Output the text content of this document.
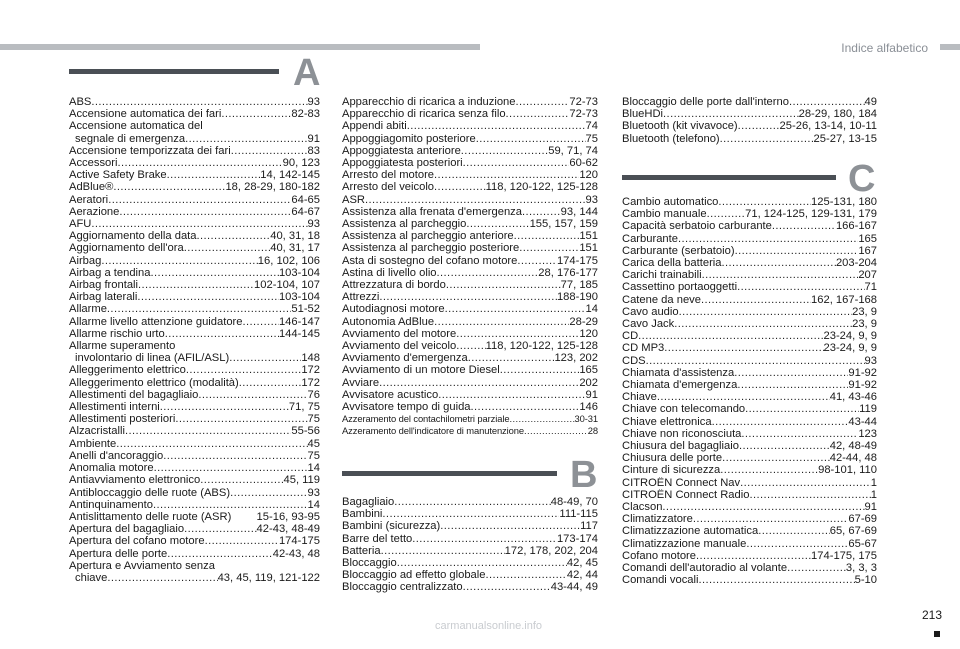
Indice alfabetico
A
B
C
ABS .....	93
Accensione automatica dei fari .....	82-83
Accensione automatica del
segnale di emergenza .....	91
Accensione temporizzata dei fari .....	83
Accessori .....	90, 123
Active Safety Brake .....	14, 142-145
AdBlue® .....	18, 28-29, 180-182
Aeratori .....	64-65
Aerazione .....	64-67
AFU .....	93
Aggiornamento della data .....	40, 31, 18
Aggiornamento dell'ora .....	40, 31, 17
Airbag .....	16, 102, 106
Airbag a tendina .....	103-104
Airbag frontali .....	102-104, 107
Airbag laterali .....	103-104
Allarme .....	51-52
Allarme livello attenzione guidatore .....	146-147
Allarme rischio urto .....	144-145
Allarme superamento
involontario di linea (AFIL/ASL) .....	148
Alleggerimento elettrico .....	172
Alleggerimento elettrico (modalità) .....	172
Allestimenti del bagagliaio .....	76
Allestimenti interni .....	71, 75
Allestimenti posteriori .....	75
Alzacristalli .....	55-56
Ambiente .....	45
Anelli d'ancoraggio .....	75
Anomalia motore .....	14
Antiavviamento elettronico .....	45, 119
Antibloccaggio delle ruote (ABS) .....	93
Antinquinamento .....	14
Antislittamento delle ruote (ASR) 15-16, 93-95
Apertura del bagagliaio .....	42-43, 48-49
Apertura del cofano motore .....	174-175
Apertura delle porte .....	42-43, 48
Apertura e Avviamento senza
chiave .....	43, 45, 119, 121-122
Apparecchio di ricarica a induzione .....	72-73
Apparecchio di ricarica senza filo .....	72-73
Appendi abiti .....	74
Appoggiagomito posteriore .....	75
Appoggiatesta anteriore .....	59, 71, 74
Appoggiatesta posteriori .....	60-62
Arresto del motore .....	120
Arresto del veicolo .....	118, 120-122, 125-128
ASR .....	93
Assistenza alla frenata d'emergenza .....	93, 144
Assistenza al parcheggio .....	155, 157, 159
Assistenza al parcheggio anteriore .....	151
Assistenza al parcheggio posteriore .....	151
Asta di sostegno del cofano motore .....	174-175
Astina di livello olio .....	28, 176-177
Attrezzatura di bordo .....	77, 185
Attrezzi .....	188-190
Autodiagnosi motore .....	14
Autonomia AdBlue .....	28-29
Avviamento del motore .....	120
Avviamento del veicolo .....	118, 120-122, 125-128
Avviamento d'emergenza .....	123, 202
Avviamento di un motore Diesel .....	165
Avviare .....	202
Avvisatore acustico .....	91
Avvisatore tempo di guida .....	146
Azzeramento del contachilometri parziale .....	30-31
Azzeramento dell'indicatore di manutenzione .....	28
Bagagliaio .....	48-49, 70
Bambini .....	111-115
Bambini (sicurezza) .....	117
Barre del tetto .....	173-174
Batteria .....	172, 178, 202, 204
Bloccaggio .....	42, 45
Bloccaggio ad effetto globale .....	42, 44
Bloccaggio centralizzato .....	43-44, 49
Bloccaggio delle porte dall'interno .....	49
BlueHDi .....	28-29, 180, 184
Bluetooth (kit vivavoce) .....	25-26, 13-14, 10-11
Bluetooth (telefono) .....	25-27, 13-15
Cambio automatico .....	125-131, 180
Cambio manuale .....	71, 124-125, 129-131, 179
Capacità serbatoio carburante .....	166-167
Carburante .....	165
Carburante (serbatoio) .....	167
Carica della batteria .....	203-204
Carichi trainabili .....	207
Cassettino portaoggetti .....	71
Catene da neve .....	162, 167-168
Cavo audio .....	23, 9
Cavo Jack .....	23, 9
CD .....	23-24, 9, 9
CD MP3 .....	23-24, 9, 9
CDS .....	93
Chiamata d'assistenza .....	91-92
Chiamata d'emergenza .....	91-92
Chiave .....	41, 43-46
Chiave con telecomando .....	119
Chiave elettronica .....	43-44
Chiave non riconosciuta .....	123
Chiusura del bagagliaio .....	42, 48-49
Chiusura delle porte .....	42-44, 48
Cinture di sicurezza .....	98-101, 110
CITROËN Connect Nav .....	1
CITROËN Connect Radio .....	1
Clacson .....	91
Climatizzatore .....	67-69
Climatizzazione automatica .....	65, 67-69
Climatizzazione manuale .....	65-67
Cofano motore .....	174-175, 175
Comandi dell'autoradio al volante .....	3, 3, 3
Comandi vocali .....	5-10
213
carmanualsonline.info
